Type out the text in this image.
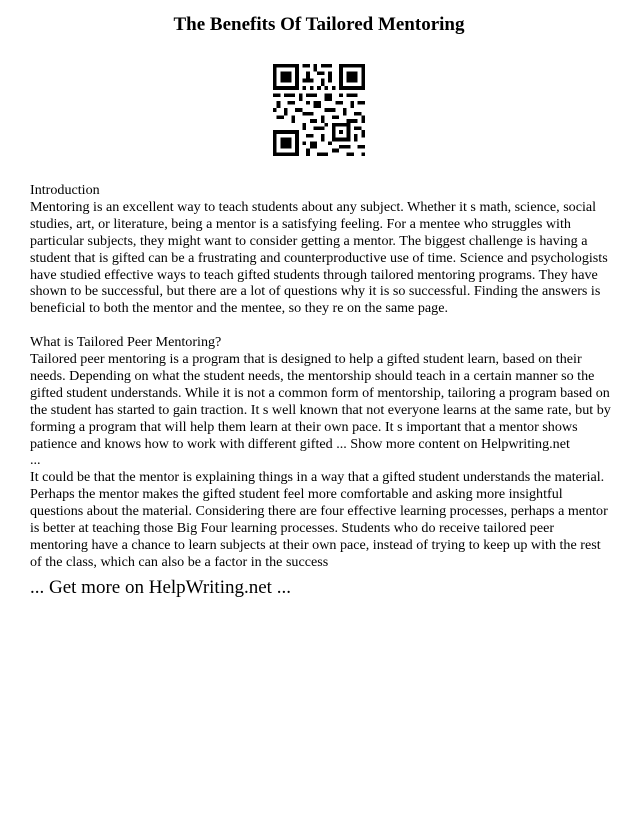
The Benefits Of Tailored Mentoring

Introduction

Mentoring is an excellent way to teach students about any subject. Whether it s math, science, social studies, art, or literature, being a mentor is a satisfying feeling. For a mentee who struggles with particular subjects, they might want to consider getting a mentor. The biggest challenge is having a student that is gifted can be a frustrating and counterproductive use of time. Science and psychologists have studied effective ways to teach gifted students through tailored mentoring programs. They have shown to be successful, but there are a lot of questions why it is so successful. Finding the answers is beneficial to both the mentor and the mentee, so they re on the same page.

What is Tailored Peer Mentoring?

Tailored peer mentoring is a program that is designed to help a gifted student learn, based on their needs. Depending on what the student needs, the mentorship should teach in a certain manner so the gifted student understands. While it is not a common form of mentorship, tailoring a program based on the student has started to gain traction. It s well known that not everyone learns at the same rate, but by forming a program that will help them learn at their own pace. It s important that a mentor shows patience and knows how to work with different gifted ... Show more content on Helpwriting.net

...

It could be that the mentor is explaining things in a way that a gifted student understands the material. Perhaps the mentor makes the gifted student feel more comfortable and asking more insightful questions about the material. Considering there are four effective learning processes, perhaps a mentor is better at teaching those Big Four learning processes. Students who do receive tailored peer mentoring have a chance to learn subjects at their own pace, instead of trying to keep up with the rest of the class, which can also be a factor in the success

... Get more on HelpWriting.net ...
